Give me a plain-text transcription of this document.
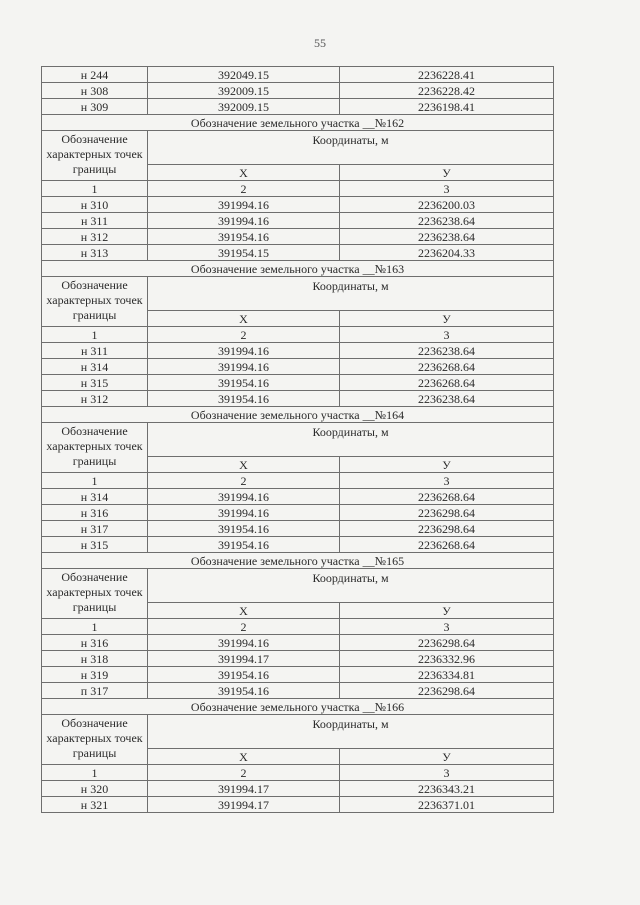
55
н 244	392049.15	2236228.41
н 308	392009.15	2236228.42
н 309	392009.15	2236198.41
Обозначение земельного участка __№162		
Обозначение характерных точек границы	Координаты, м	
	X	У
1	2	3
н 310	391994.16	2236200.03
н 311	391994.16	2236238.64
н 312	391954.16	2236238.64
н 313	391954.15	2236204.33
Обозначение земельного участка __№163		
Обозначение характерных точек границы	Координаты, м	
	X	У
1	2	3
н 311	391994.16	2236238.64
н 314	391994.16	2236268.64
н 315	391954.16	2236268.64
н 312	391954.16	2236238.64
Обозначение земельного участка __№164		
Обозначение характерных точек границы	Координаты, м	
	X	У
1	2	3
н 314	391994.16	2236268.64
н 316	391994.16	2236298.64
н 317	391954.16	2236298.64
н 315	391954.16	2236268.64
Обозначение земельного участка __№165		
Обозначение характерных точек границы	Координаты, м	
	X	У
1	2	3
н 316	391994.16	2236298.64
н 318	391994.17	2236332.96
н 319	391954.16	2236334.81
п 317	391954.16	2236298.64
Обозначение земельного участка __№166		
Обозначение характерных точек границы	Координаты, м	
	X	У
1	2	3
н 320	391994.17	2236343.21
н 321	391994.17	2236371.01
